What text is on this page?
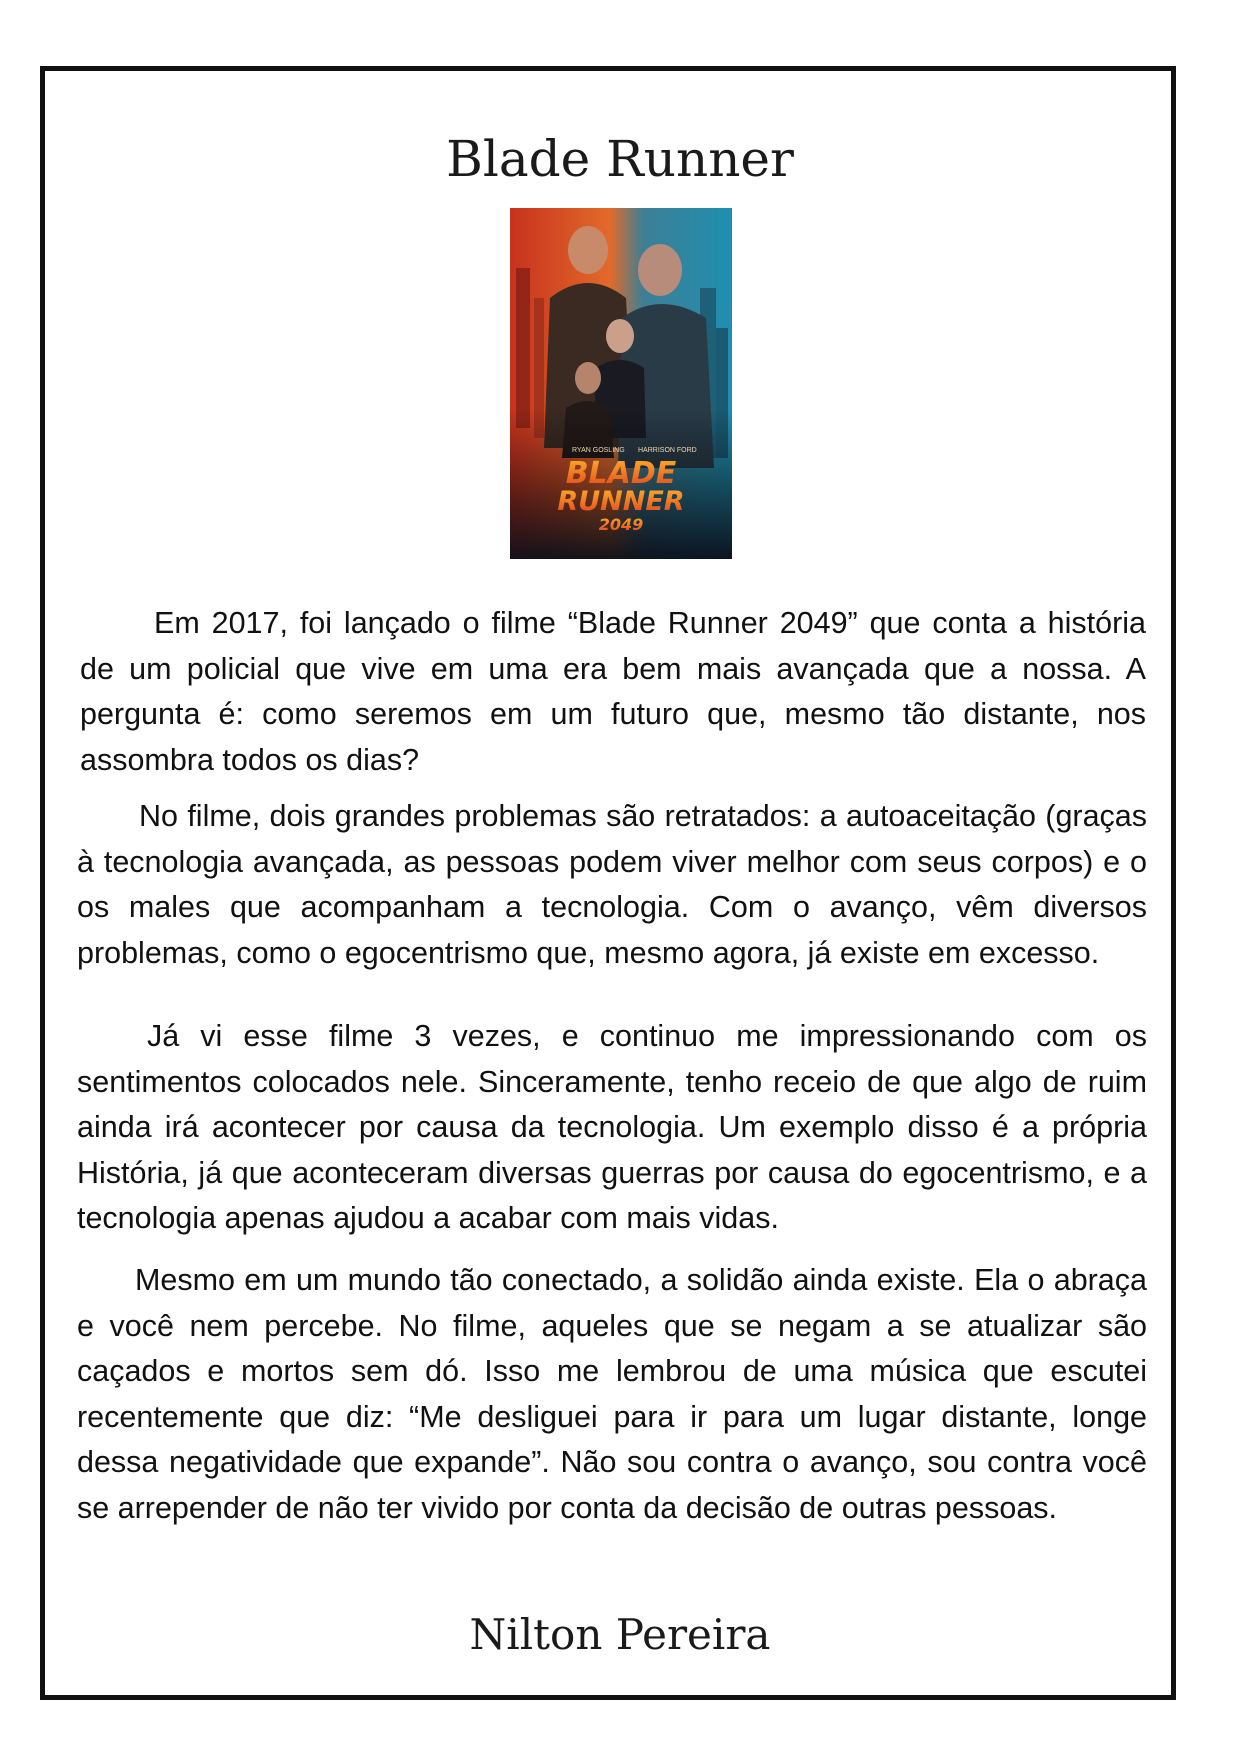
Blade Runner
RYAN GOSLING HARRISON FORD
BLADE
RUNNER
2049

Em 2017, foi lançado o filme “Blade Runner 2049” que conta a história de um policial que vive em uma era bem mais avançada que a nossa. A pergunta é: como seremos em um futuro que, mesmo tão distante, nos assombra todos os dias?

No filme, dois grandes problemas são retratados: a autoaceitação (graças à tecnologia avançada, as pessoas podem viver melhor com seus corpos) e o os males que acompanham a tecnologia. Com o avanço, vêm diversos problemas, como o egocentrismo que, mesmo agora, já existe em excesso.

Já vi esse filme 3 vezes, e continuo me impressionando com os sentimentos colocados nele. Sinceramente, tenho receio de que algo de ruim ainda irá acontecer por causa da tecnologia. Um exemplo disso é a própria História, já que aconteceram diversas guerras por causa do egocentrismo, e a tecnologia apenas ajudou a acabar com mais vidas.

Mesmo em um mundo tão conectado, a solidão ainda existe. Ela o abraça e você nem percebe. No filme, aqueles que se negam a se atualizar são caçados e mortos sem dó. Isso me lembrou de uma música que escutei recentemente que diz: “Me desliguei para ir para um lugar distante, longe dessa negatividade que expande”. Não sou contra o avanço, sou contra você se arrepender de não ter vivido por conta da decisão de outras pessoas.

Nilton Pereira
